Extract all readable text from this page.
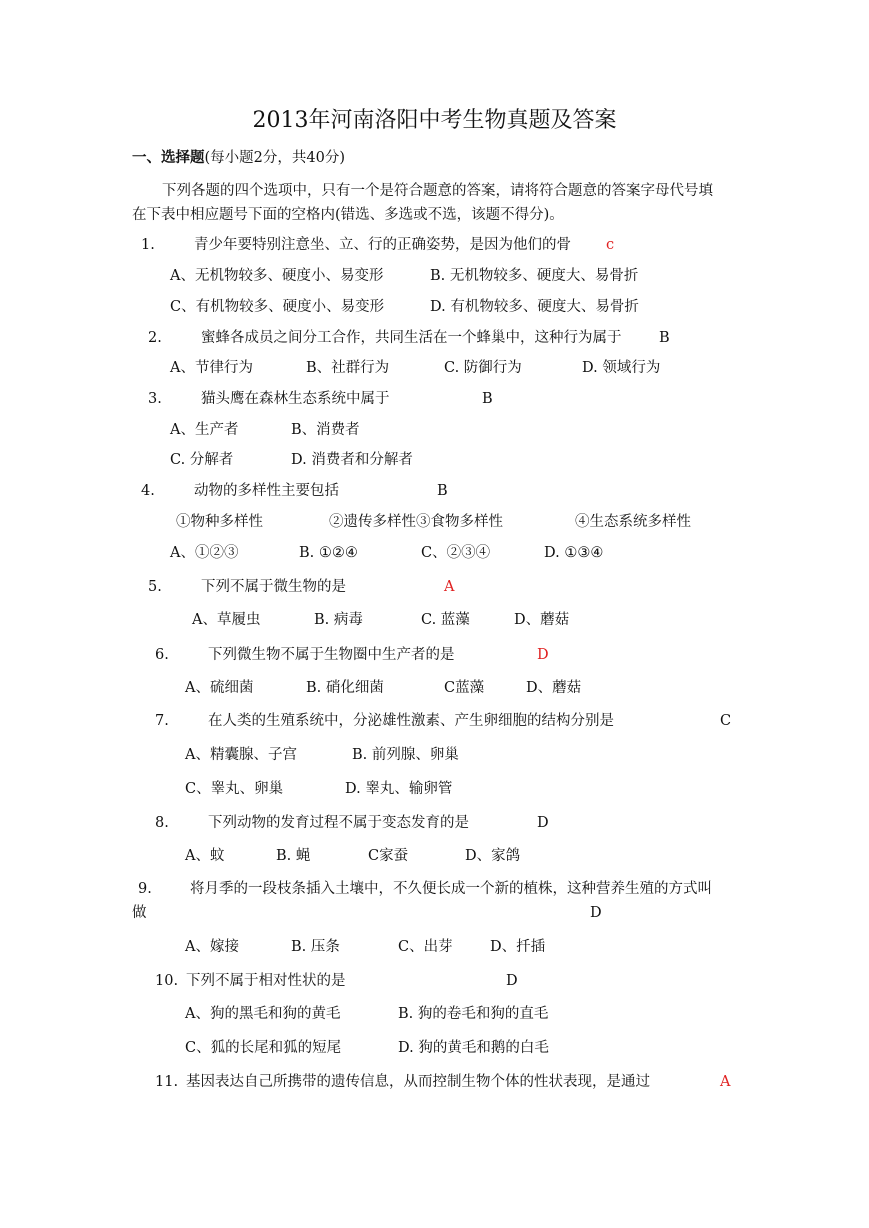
2013年河南洛阳中考生物真题及答案
一、选择题(每小题2分，共40分)
下列各题的四个选项中，只有一个是符合题意的答案，请将符合题意的答案字母代号填
在下表中相应题号下面的空格内(错选、多选或不选，该题不得分)。
1.	青少年要特别注意坐、立、行的正确姿势，是因为他们的骨 c
A、无机物较多、硬度小、易变形	B. 无机物较多、硬度大、易骨折
C、有机物较多、硬度小、易变形	D. 有机物较多、硬度大、易骨折
2.	蜜蜂各成员之间分工合作，共同生活在一个蜂巢中，这种行为属于	B
A、节律行为	B、社群行为	C. 防御行为	D. 领域行为
3.	猫头鹰在森林生态系统中属于	B
A、生产者	B、消费者
C. 分解者	D. 消费者和分解者
4.	动物的多样性主要包括	B
①物种多样性	②遗传多样性③食物多样性	④生态系统多样性
A、①②③	B. ①②④	C、②③④	D. ①③④
5.	下列不属于微生物的是	A
A、草履虫	B. 病毒	C. 蓝藻	D、蘑菇
6.	下列微生物不属于生物圈中生产者的是	D
A、硫细菌	B. 硝化细菌	C蓝藻	D、蘑菇
7.	在人类的生殖系统中，分泌雄性激素、产生卵细胞的结构分别是	C
A、精囊腺、子宫	B. 前列腺、卵巢
C、睾丸、卵巢	D. 睾丸、输卵管
8.	下列动物的发育过程不属于变态发育的是	D
A、蚊	B. 蝇	C家蚕	D、家鸽
9.	将月季的一段枝条插入土壤中，不久便长成一个新的植株，这种营养生殖的方式叫
做	D
A、嫁接	B. 压条	C、出芽	D、扦插
10. 下列不属于相对性状的是	D
A、狗的黑毛和狗的黄毛	B. 狗的卷毛和狗的直毛
C、狐的长尾和狐的短尾	D. 狗的黄毛和鹅的白毛
11. 基因表达自己所携带的遗传信息，从而控制生物个体的性状表现，是通过	A
